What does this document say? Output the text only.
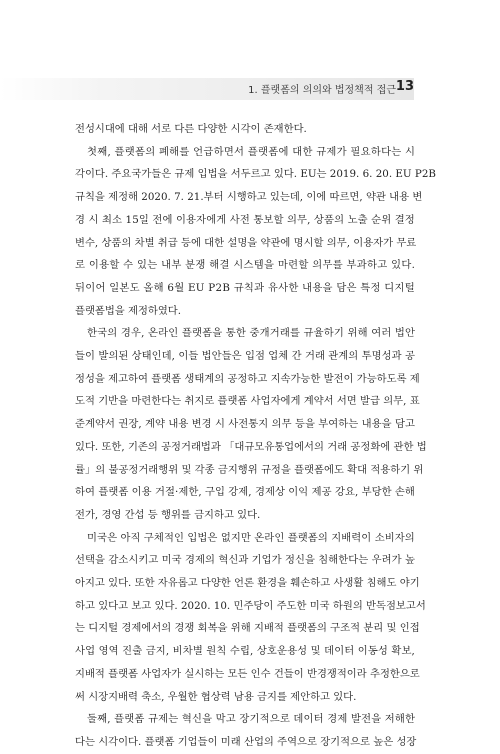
1. 플랫폼의 의의와 법정책적 접근 13
전성시대에 대해 서로 다른 다양한 시각이 존재한다.
첫 째 ,
플 랫 폼 의
폐 해 를
언 급 하 면 서
플 랫 폼 에
대 한
규 제 가
필 요 하 다 는
시
각 이 다 .
주 요 국 가 들 은
규 제
입 법 을
서 두 르 고
있 다 .
E U 는
2 0 1 9 .
6 .
2 0 .
E U
P 2 B
규 칙 을
제 정 해
2 0 2 0 .
7 .
2 1 . 부 터
시 행 하 고
있 는 데 ,
이 에
따 르 면 ,
약 관
내 용
변
경
시
최 소
1 5 일
전 에
이 용 자 에 게
사 전
통 보 할
의 무 ,
상 품 의
노 출
순 위
결 정
변 수 ,
상 품 의
차 별
취 급
등 에
대 한
설 명 을
약 관 에
명 시 할
의 무 ,
이 용 자 가
무 료
로
이 용 할
수
있 는
내 부
분 쟁
해 결
시 스 템 을
마 련 할
의 무 를
부 과 하 고
있 다 .
뒤 이 어
일 본 도
올 해
6 월
E U
P 2 B
규 칙 과
유 사 한
내 용 을
담 은
특 정
디 지 털
플랫폼법을 제정하였다.
한 국 의
경 우 ,
온 라 인
플 랫 폼 을
통 한
중 개 거 래 를
규 율 하 기
위 해
여 러
법 안
들 이
발 의 된
상 태 인 데 ,
이 들
법 안 들 은
입 점
업 체
간
거 래
관 계 의
투 명 성 과
공
정 성 을
제 고 하 여
플 랫 폼
생 태 계 의
공 정 하 고
지 속 가 능 한
발 전 이
가 능 하 도 록
제
도 적
기 반 을
마 련 한 다 는
취 지 로
플 랫 폼
사 업 자 에 게
계 약 서
서 면
발 급
의 무 ,
표
준 계 약 서
권 장 ,
계 약
내 용
변 경
시
사 전 통 지
의 무
등 을
부 여 하 는
내 용 을
담 고
있 다 .
또 한 ,
기 존 의
공 정 거 래 법 과
「 대 규 모 유 통 업 에 서 의
거 래
공 정 화 에
관 한
법
률 」 의
불 공 정 거 래 행 위
및
각 종
금 지 행 위
규 정 을
플 랫 폼 에 도
확 대
적 용 하 기
위
하 여
플 랫 폼
이 용
거 절 · 제 한 ,
구 입
강 제 ,
경 제 상
이 익
제 공
강 요 ,
부 당 한
손 해
전가, 경영 간섭 등 행위를 금지하고 있다.
미 국 은
아 직
구 체 적 인
입 법 은
없 지 만
온 라 인
플 랫 폼 의
지 배 력 이
소 비 자 의
선 택 을
감 소 시 키 고
미 국
경 제 의
혁 신 과
기 업 가
정 신 을
침 해 한 다 는
우 려 가
높
아 지 고
있 다 .
또 한
자 유 롭 고
다 양 한
언 론
환 경 을
훼 손 하 고
사 생 활
침 해 도
야 기
하 고
있 다 고
보 고
있 다 .
2 0 2 0 .
1 0 .
민 주 당 이
주 도 한
미 국
하 원 의
반 독 점 보 고 서
는
디 지 털
경 제 에 서 의
경 쟁
회 복 을
위 해
지 배 적
플 랫 폼 의
구 조 적
분 리
및
인 접
사 업
영 역
진 출
금 지 ,
비 차 별
원 칙
수 립 ,
상 호 운 용 성
및
데 이 터
이 동 성
확 보 ,
지 배 적
플 랫 폼
사 업 자 가
실 시 하 는
모 든
인 수
건 들 이
반 경 쟁 적 이 라
추 정 한 으 로
써 시장지배력 축소, 우월한 협상력 남용 금지를 제안하고 있다.
둘 째 ,
플 랫 폼
규 제 는
혁 신 을
막 고
장 기 적 으 로
데 이 터
경 제
발 전 을
저 해 한
다 는
시 각 이 다 .
플 랫 폼
기 업 들 이
미 래
산 업 의
주 역 으 로
장 기 적 으 로
높 은
성 장
